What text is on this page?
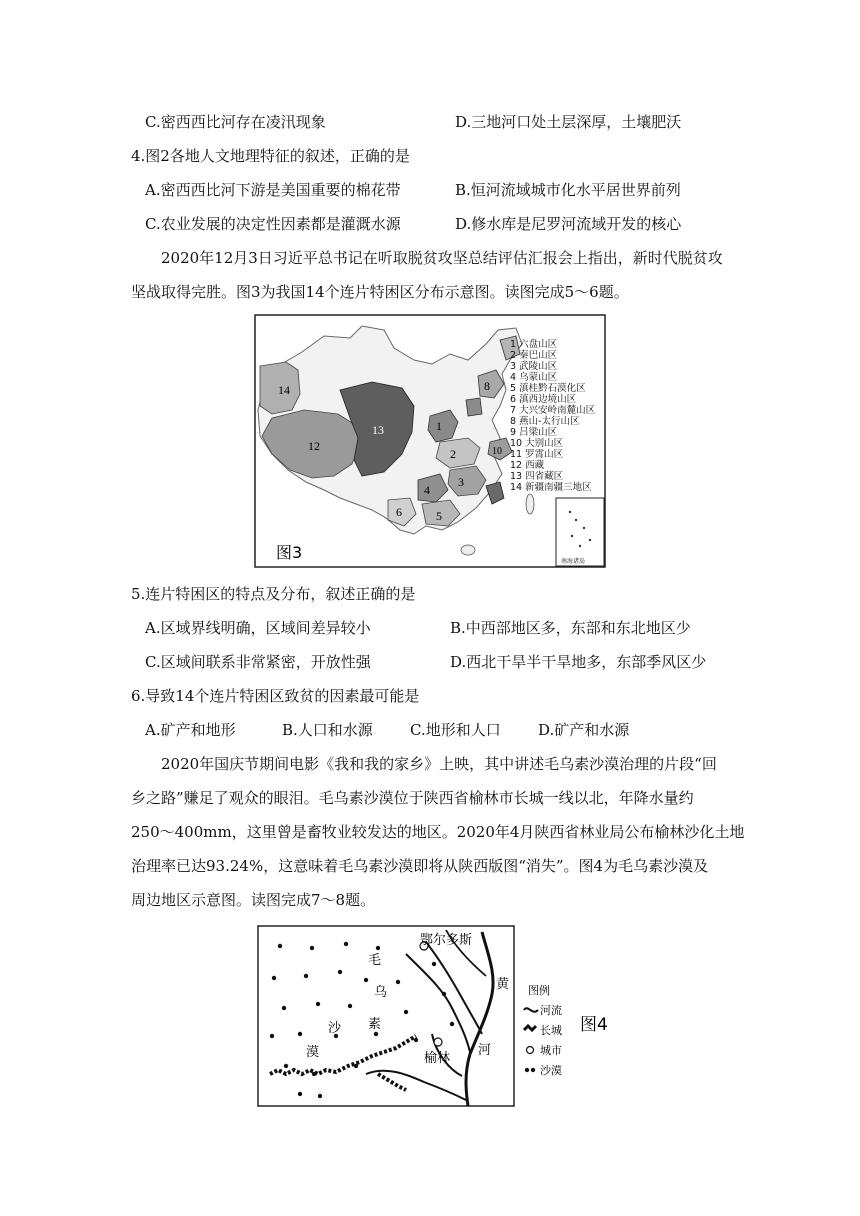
C.密西西比河存在凌汛现象	D.三地河口处土层深厚，土壤肥沃
4.图2各地人文地理特征的叙述，正确的是
A.密西西比河下游是美国重要的棉花带	B.恒河流域城市化水平居世界前列
C.农业发展的决定性因素都是灌溉水源	D.修水库是尼罗河流域开发的核心
2020年12月3日习近平总书记在听取脱贫攻坚总结评估汇报会上指出，新时代脱贫攻
坚战取得完胜。图3为我国14个连片特困区分布示意图。读图完成5～6题。
14
12
13	1
2
3
4
5
6
10
8
1 六盘山区
2 秦巴山区
3 武陵山区
4 乌蒙山区
5 滇桂黔石漠化区
6 滇西边境山区
7 大兴安岭南麓山区
8 燕山-太行山区
9 吕梁山区
10 大别山区
11 罗霄山区
12 西藏
13 四省藏区
14 新疆南疆三地区
南海诸岛
图3
5.连片特困区的特点及分布，叙述正确的是
A.区域界线明确，区域间差异较小	B.中西部地区多，东部和东北地区少
C.区域间联系非常紧密，开放性强	D.西北干旱半干旱地多，东部季风区少
6.导致14个连片特困区致贫的因素最可能是
A.矿产和地形	B.人口和水源 C.地形和人口 D.矿产和水源
2020年国庆节期间电影《我和我的家乡》上映，其中讲述毛乌素沙漠治理的片段“回
乡之路”赚足了观众的眼泪。毛乌素沙漠位于陕西省榆林市长城一线以北，年降水量约
250～400mm，这里曾是畜牧业较发达的地区。2020年4月陕西省林业局公布榆林沙化土地
治理率已达93.24%，这意味着毛乌素沙漠即将从陕西版图“消失”。图4为毛乌素沙漠及
周边地区示意图。读图完成7～8题。
鄂尔多斯
榆林
毛
乌
素
沙
漠
黄
河
图例
河流
长城
城市
沙漠
图4
